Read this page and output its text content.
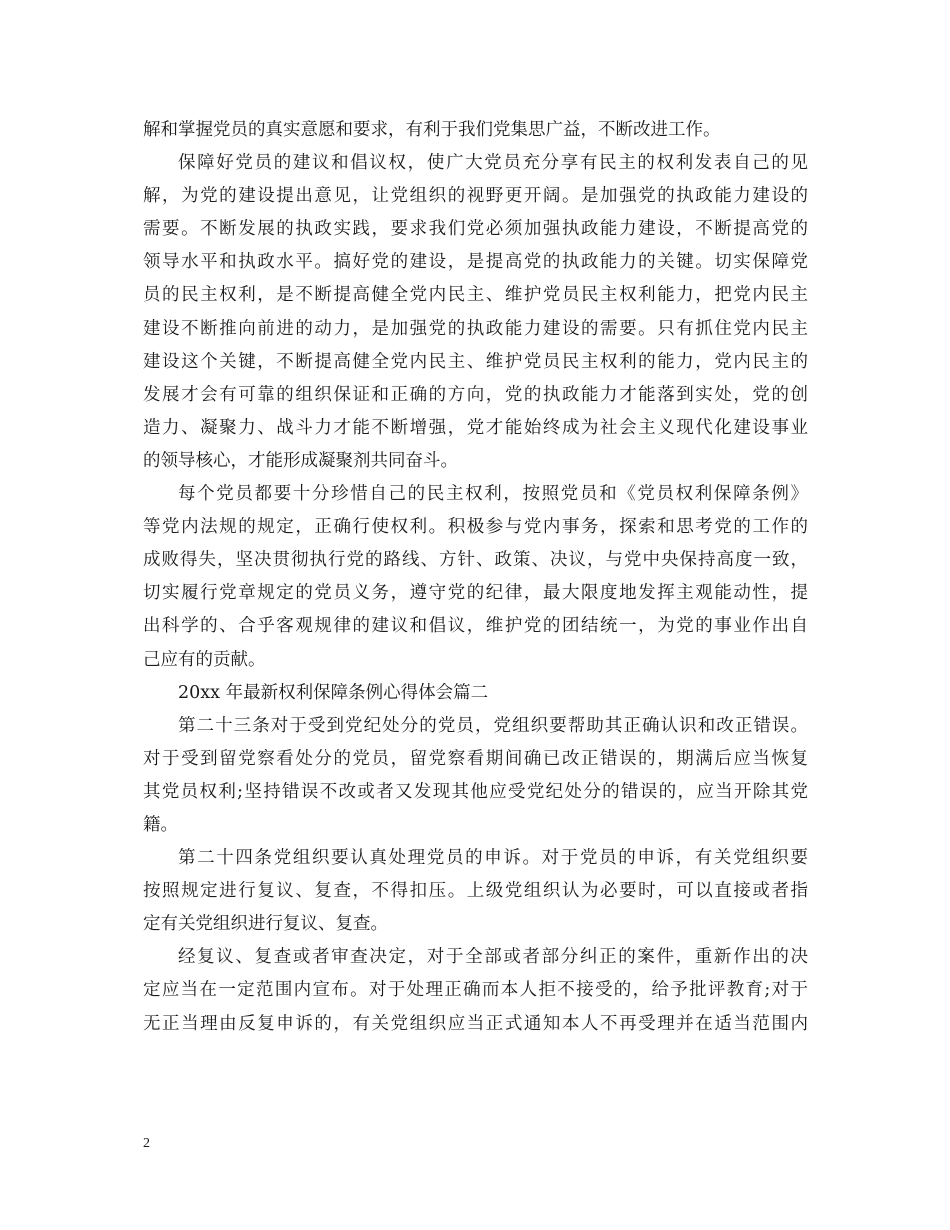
解和掌握党员的真实意愿和要求，有利于我们党集思广益，不断改进工作。
保障好党员的建议和倡议权，使广大党员充分享有民主的权利发表自己的见
解，为党的建设提出意见，让党组织的视野更开阔。是加强党的执政能力建设的
需要。不断发展的执政实践，要求我们党必须加强执政能力建设，不断提高党的
领导水平和执政水平。搞好党的建设，是提高党的执政能力的关键。切实保障党
员的民主权利，是不断提高健全党内民主、维护党员民主权利能力，把党内民主
建设不断推向前进的动力，是加强党的执政能力建设的需要。只有抓住党内民主
建设这个关键，不断提高健全党内民主、维护党员民主权利的能力，党内民主的
发展才会有可靠的组织保证和正确的方向，党的执政能力才能落到实处，党的创
造力、凝聚力、战斗力才能不断增强，党才能始终成为社会主义现代化建设事业
的领导核心，才能形成凝聚剂共同奋斗。
每个党员都要十分珍惜自己的民主权利，按照党员和《党员权利保障条例》
等党内法规的规定，正确行使权利。积极参与党内事务，探索和思考党的工作的
成败得失，坚决贯彻执行党的路线、方针、政策、决议，与党中央保持高度一致，
切实履行党章规定的党员义务，遵守党的纪律，最大限度地发挥主观能动性，提
出科学的、合乎客观规律的建议和倡议，维护党的团结统一，为党的事业作出自
己应有的贡献。
20xx 年最新权利保障条例心得体会篇二
第二十三条对于受到党纪处分的党员，党组织要帮助其正确认识和改正错误。
对于受到留党察看处分的党员，留党察看期间确已改正错误的，期满后应当恢复
其党员权利;坚持错误不改或者又发现其他应受党纪处分的错误的，应当开除其党
籍。
第二十四条党组织要认真处理党员的申诉。对于党员的申诉，有关党组织要
按照规定进行复议、复查，不得扣压。上级党组织认为必要时，可以直接或者指
定有关党组织进行复议、复查。
经复议、复查或者审查决定，对于全部或者部分纠正的案件，重新作出的决
定应当在一定范围内宣布。对于处理正确而本人拒不接受的，给予批评教育;对于
无正当理由反复申诉的，有关党组织应当正式通知本人不再受理并在适当范围内
2
